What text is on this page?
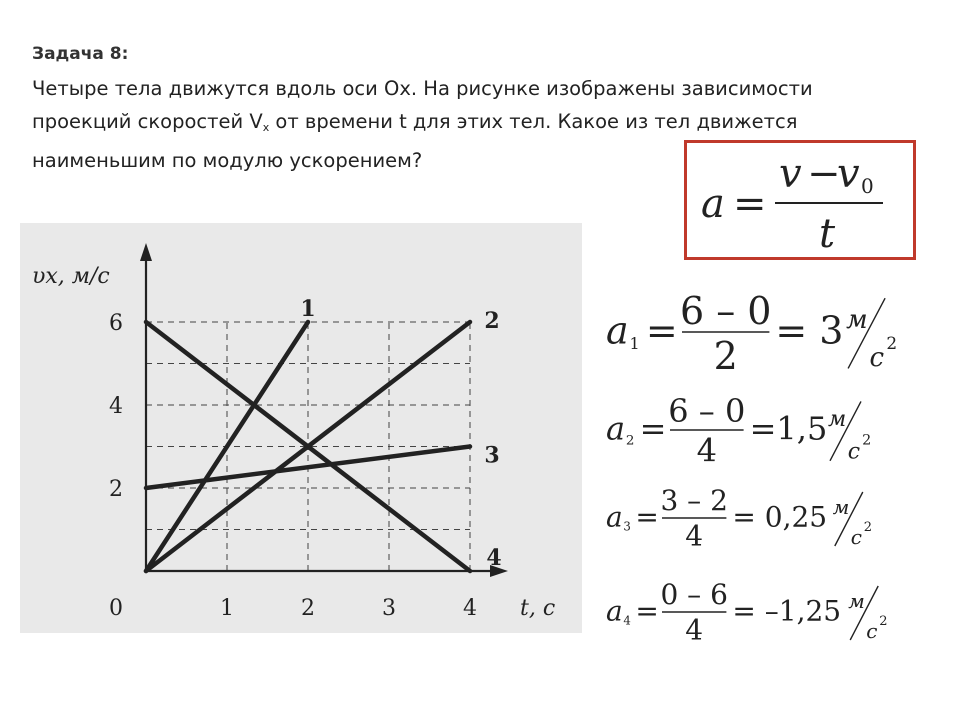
Задача 8:
Четыре тела движутся вдоль оси Ох. На рисунке изображены зависимости проекций скоростей $V_x$ от времени t для этих тел. Какое из тел движется наименьшим по модулю ускорением?
a =
v −
v 0
t
0	1	2	3	4
2
4
6
υx, м/с
t, с
1	2
3
4
a 1 = 6 – 0
2
= 3 м
с 2
a 2 = 6 – 0
4
=1,5 м
с 2
a 3 = 3 – 2
4
= 0,25 м
с 2
a 4 = 0 – 6
4
= –1,25 м
с 2
